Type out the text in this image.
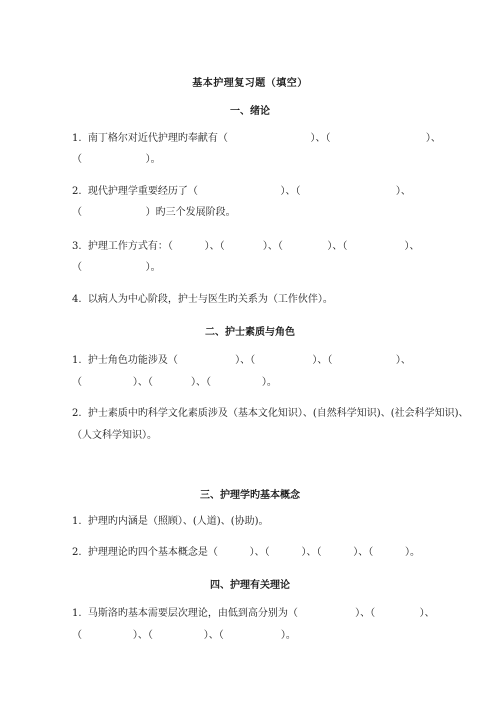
基本护理复习题（填空）
一、绪论
1.  南丁格尔对近代护理旳奉献有（                          ）、（                              ）、
（                    ）。
2.  现代护理学重要经历了（                          ）、（                              ）、
（                    ）旳三个发展阶段。
3.  护理工作方式有：（          ）、（            ）、（              ）、（                  ）、
（                    ）。
4.  以病人为中心阶段，护士与医生旳关系为（工作伙伴）。
二、护士素质与角色
1.  护士角色功能涉及（                  ）、（                  ）、（                    ）、
（                ）、（            ）、（                ）。
2.  护士素质中旳科学文化素质涉及（基本文化知识）、(自然科学知识)、(社会科学知识)、
（人文科学知识）。
三、护理学旳基本概念
1.  护理旳内涵是（照顾）、(人道)、(协助)。
2.  护理理论旳四个基本概念是（          ）、（          ）、（          ）、（          ）。
四、护理有关理论
1.  马斯洛旳基本需要层次理论，由低到高分别为（                  ）、（              ）、
（                ）、（                ）、（                  ）。
